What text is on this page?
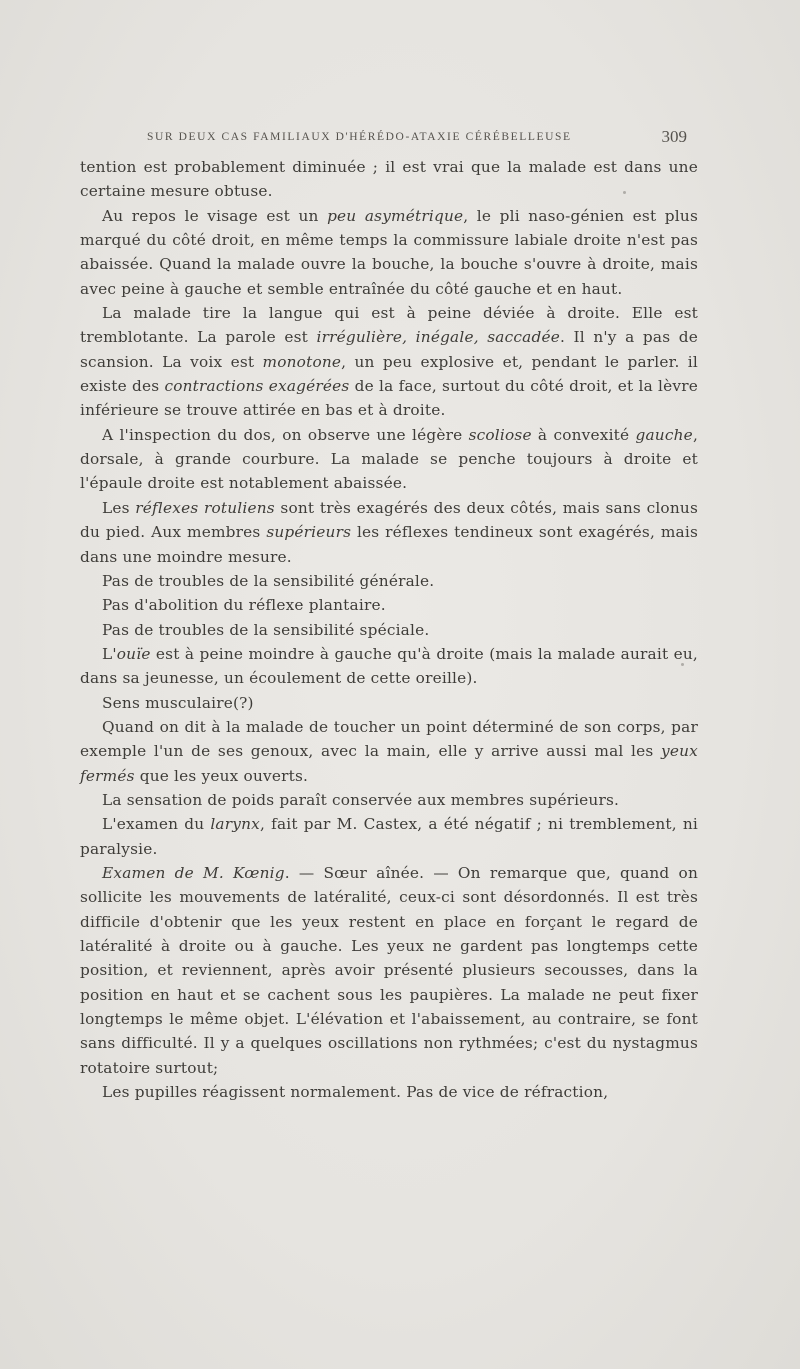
SUR DEUX CAS FAMILIAUX D'HÉRÉDO-ATAXIE CÉRÉBELLEUSE	309

tention est probablement diminuée ; il est vrai que la malade est dans une certaine mesure obtuse.

Au repos le visage est un peu asymétrique, le pli naso-génien est plus marqué du côté droit, en même temps la commissure labiale droite n'est pas abaissée. Quand la malade ouvre la bouche, la bouche s'ouvre à droite, mais avec peine à gauche et semble entraînée du côté gauche et en haut.

La malade tire la langue qui est à peine déviée à droite. Elle est tremblotante. La parole est irrégulière, inégale, saccadée. Il n'y a pas de scansion. La voix est monotone, un peu explosive et, pendant le parler. il existe des contractions exagérées de la face, surtout du côté droit, et la lèvre inférieure se trouve attirée en bas et à droite.

A l'inspection du dos, on observe une légère scoliose à convexité gauche, dorsale, à grande courbure. La malade se penche toujours à droite et l'épaule droite est notablement abaissée.

Les réflexes rotuliens sont très exagérés des deux côtés, mais sans clonus du pied. Aux membres supérieurs les réflexes tendineux sont exagérés, mais dans une moindre mesure.

Pas de troubles de la sensibilité générale.

Pas d'abolition du réflexe plantaire.

Pas de troubles de la sensibilité spéciale.

L'ouïe est à peine moindre à gauche qu'à droite (mais la malade aurait eu, dans sa jeunesse, un écoulement de cette oreille).

Sens musculaire(?)

Quand on dit à la malade de toucher un point déterminé de son corps, par exemple l'un de ses genoux, avec la main, elle y arrive aussi mal les yeux fermés que les yeux ouverts.

La sensation de poids paraît conservée aux membres supérieurs.

L'examen du larynx, fait par M. Castex, a été négatif ; ni tremblement, ni paralysie.

Examen de M. Kœnig. — Sœur aînée. — On remarque que, quand on sollicite les mouvements de latéralité, ceux-ci sont désordonnés. Il est très difficile d'obtenir que les yeux restent en place en forçant le regard de latéralité à droite ou à gauche. Les yeux ne gardent pas longtemps cette position, et reviennent, après avoir présenté plusieurs secousses, dans la position en haut et se cachent sous les paupières. La malade ne peut fixer longtemps le même objet. L'élévation et l'abaissement, au contraire, se font sans difficulté. Il y a quelques oscillations non rythmées; c'est du nystagmus rotatoire surtout;

Les pupilles réagissent normalement. Pas de vice de réfraction,
